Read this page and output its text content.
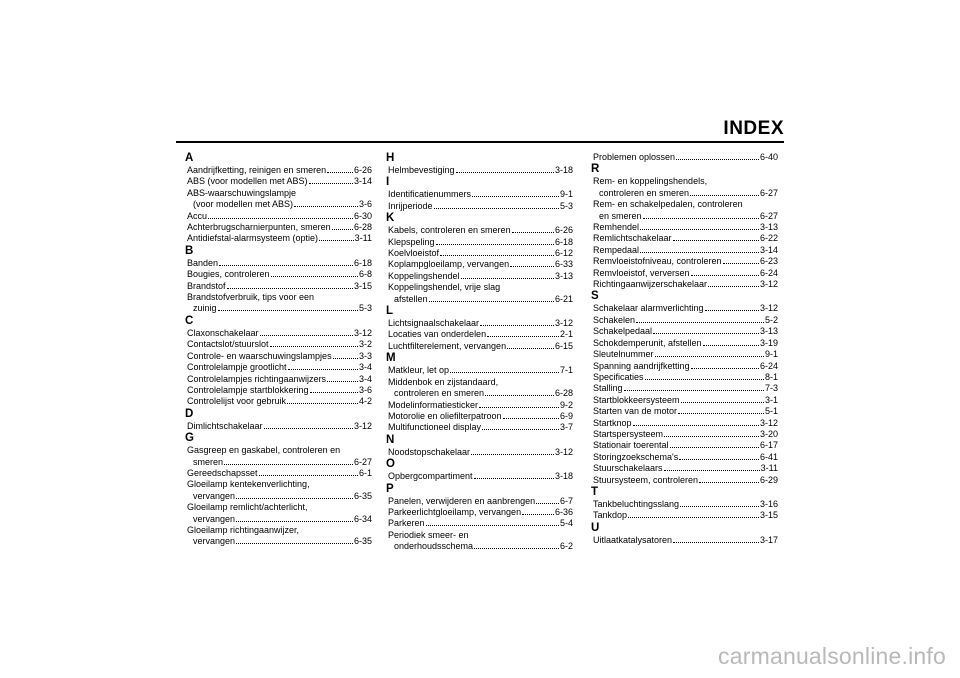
INDEX
A
Aandrijfketting, reinigen en smeren	6-26
ABS (voor modellen met ABS)	3-14
ABS-waarschuwingslampje
(voor modellen met ABS)	3-6
Accu	6-30
Achterbrugscharnierpunten, smeren	6-28
Antidiefstal-alarmsysteem (optie)	3-11
B
Banden	6-18
Bougies, controleren	6-8
Brandstof	3-15
Brandstofverbruik, tips voor een
zuinig	5-3
C
Claxonschakelaar	3-12
Contactslot/stuurslot	3-2
Controle- en waarschuwingslampjes	3-3
Controlelampje grootlicht	3-4
Controlelampjes richtingaanwijzers	3-4
Controlelampje startblokkering	3-6
Controlelijst voor gebruik	4-2
D
Dimlichtschakelaar	3-12
G
Gasgreep en gaskabel, controleren en
smeren	6-27
Gereedschapsset	6-1
Gloeilamp kentekenverlichting,
vervangen	6-35
Gloeilamp remlicht/achterlicht,
vervangen	6-34
Gloeilamp richtingaanwijzer,
vervangen	6-35
H
Helmbevestiging	3-18
I
Identificatienummers	9-1
Inrijperiode	5-3
K
Kabels, controleren en smeren	6-26
Klepspeling	6-18
Koelvloeistof	6-12
Koplampgloeilamp, vervangen	6-33
Koppelingshendel	3-13
Koppelingshendel, vrije slag
afstellen	6-21
L
Lichtsignaalschakelaar	3-12
Locaties van onderdelen	2-1
Luchtfilterelement, vervangen	6-15
M
Matkleur, let op	7-1
Middenbok en zijstandaard,
controleren en smeren	6-28
Modelinformatiesticker	9-2
Motorolie en oliefilterpatroon	6-9
Multifunctioneel display	3-7
N
Noodstopschakelaar	3-12
O
Opbergcompartiment	3-18
P
Panelen, verwijderen en aanbrengen	6-7
Parkeerlichtgloeilamp, vervangen	6-36
Parkeren	5-4
Periodiek smeer- en
onderhoudsschema	6-2
Problemen oplossen	6-40
R
Rem- en koppelingshendels,
controleren en smeren	6-27
Rem- en schakelpedalen, controleren
en smeren	6-27
Remhendel	3-13
Remlichtschakelaar	6-22
Rempedaal	3-14
Remvloeistofniveau, controleren	6-23
Remvloeistof, verversen	6-24
Richtingaanwijzerschakelaar	3-12
S
Schakelaar alarmverlichting	3-12
Schakelen	5-2
Schakelpedaal	3-13
Schokdemperunit, afstellen	3-19
Sleutelnummer	9-1
Spanning aandrijfketting	6-24
Specificaties	8-1
Stalling	7-3
Startblokkeersysteem	3-1
Starten van de motor	5-1
Startknop	3-12
Startspersysteem	3-20
Stationair toerental	6-17
Storingzoekschema's	6-41
Stuurschakelaars	3-11
Stuursysteem, controleren	6-29
T
Tankbeluchtingsslang	3-16
Tankdop	3-15
U
Uitlaatkatalysatoren	3-17
carmanualsonline.info
